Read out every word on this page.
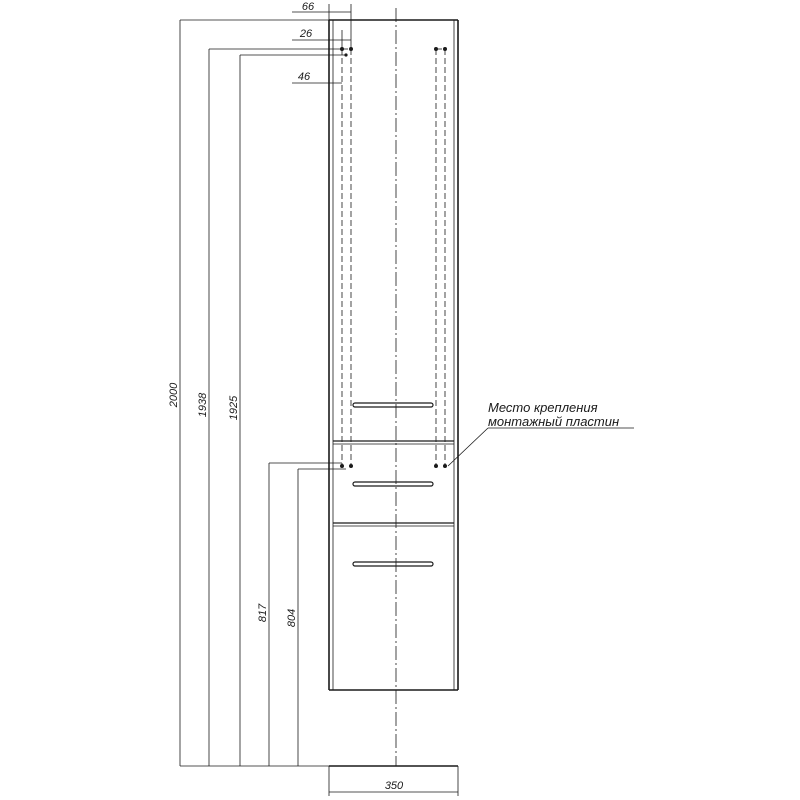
66
26
46
2000 1938 1925
817 804
350
Место крепления
монтажный пластин
